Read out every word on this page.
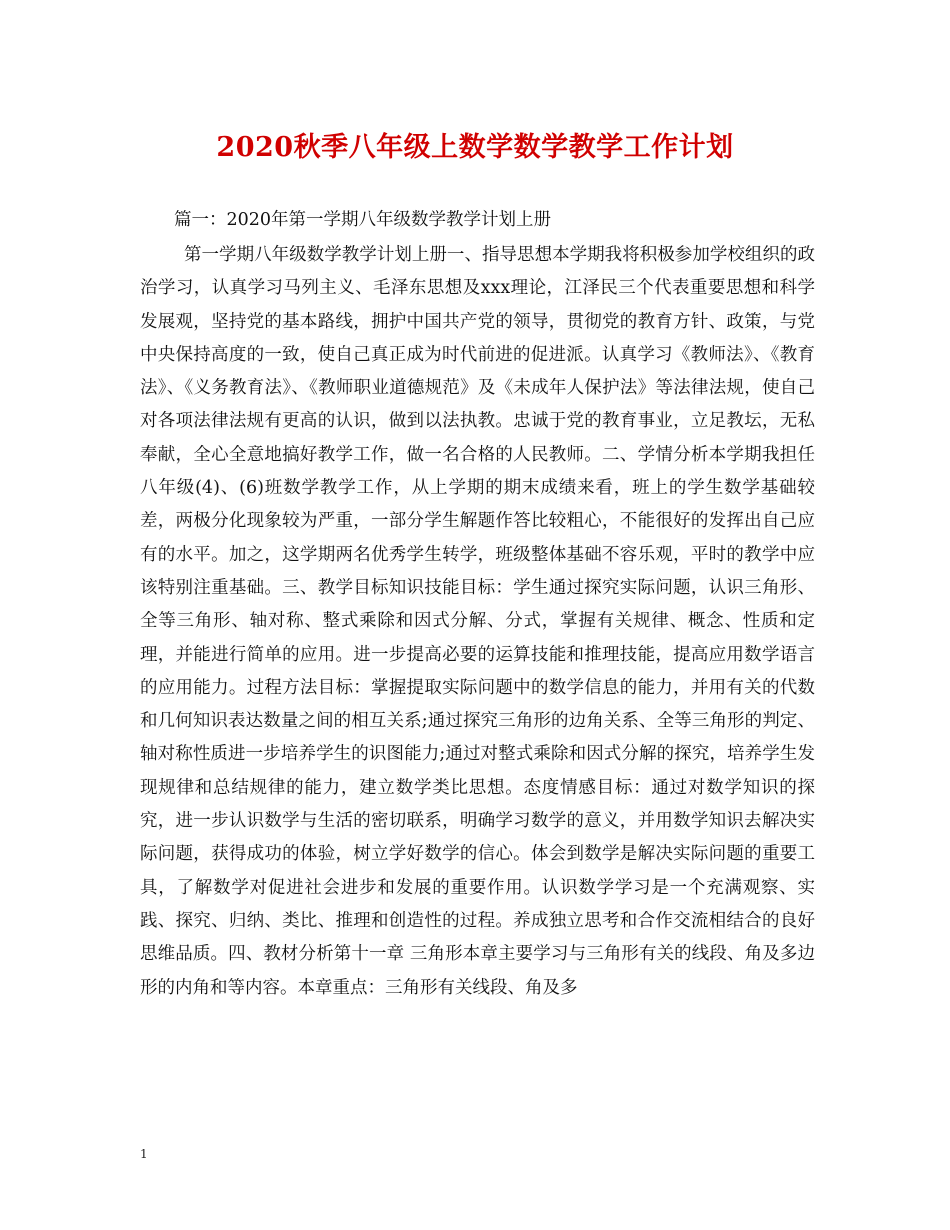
2020秋季八年级上数学数学教学工作计划
篇一：2020年第一学期八年级数学教学计划上册

第一学期八年级数学教学计划上册一、指导思想本学期我将积极参加学校组织的政治学习，认真学习马列主义、毛泽东思想及xxx理论，江泽民三个代表重要思想和科学发展观，坚持党的基本路线，拥护中国共产党的领导，贯彻党的教育方针、政策，与党中央保持高度的一致，使自己真正成为时代前进的促进派。认真学习《教师法》、《教育法》、《义务教育法》、《教师职业道德规范》及《未成年人保护法》等法律法规，使自己对各项法律法规有更高的认识，做到以法执教。忠诚于党的教育事业，立足教坛，无私奉献，全心全意地搞好教学工作，做一名合格的人民教师。二、学情分析本学期我担任八年级(4)、(6)班数学教学工作，从上学期的期末成绩来看，班上的学生数学基础较差，两极分化现象较为严重，一部分学生解题作答比较粗心，不能很好的发挥出自己应有的水平。加之，这学期两名优秀学生转学，班级整体基础不容乐观，平时的教学中应该特别注重基础。三、教学目标知识技能目标：学生通过探究实际问题，认识三角形、全等三角形、轴对称、整式乘除和因式分解、分式，掌握有关规律、概念、性质和定理，并能进行简单的应用。进一步提高必要的运算技能和推理技能，提高应用数学语言的应用能力。过程方法目标：掌握提取实际问题中的数学信息的能力，并用有关的代数和几何知识表达数量之间的相互关系;通过探究三角形的边角关系、全等三角形的判定、轴对称性质进一步培养学生的识图能力;通过对整式乘除和因式分解的探究，培养学生发现规律和总结规律的能力，建立数学类比思想。态度情感目标：通过对数学知识的探究，进一步认识数学与生活的密切联系，明确学习数学的意义，并用数学知识去解决实际问题，获得成功的体验，树立学好数学的信心。体会到数学是解决实际问题的重要工具，了解数学对促进社会进步和发展的重要作用。认识数学学习是一个充满观察、实践、探究、归纳、类比、推理和创造性的过程。养成独立思考和合作交流相结合的良好思维品质。四、教材分析第十一章 三角形本章主要学习与三角形有关的线段、角及多边形的内角和等内容。本章重点：三角形有关线段、角及多

1
